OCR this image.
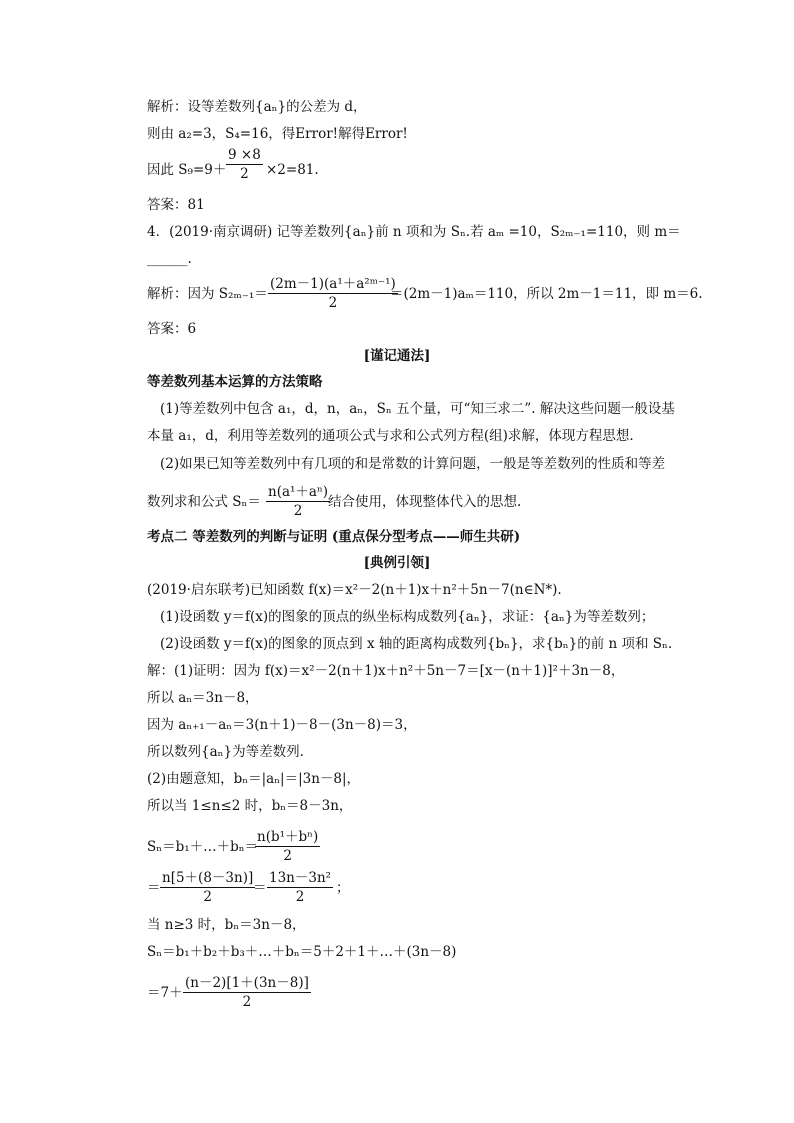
解析：设等差数列{aₙ}的公差为 d，
则由 a₂=3，S₄=16，得Error!解得Error!
因此 $S_9=9+ \frac{9 \times 8}{2} \times 2=81$.
答案：81
4．(2019·南京调研) 记等差数列{aₙ}前 n 项和为 Sₙ.若 aₘ =10，S₂ₘ₋₁=110，则 m＝
______.
解析：因为 $S_{2m-1}= \frac{\text{(2m－1)(a¹＋a²ᵐ⁻¹)}}{2}$
＝(2m－1)aₘ＝110，所以 2m－1＝11，即 m＝6.
答案：6
[谨记通法]
等差数列基本运算的方法策略
(1)等差数列中包含 a₁，d，n，aₙ，Sₙ 五个量，可“知三求二”. 解决这些问题一般设基
本量 a₁，d，利用等差数列的通项公式与求和公式列方程(组)求解，体现方程思想.
(2)如果已知等差数列中有几项的和是常数的计算问题，一般是等差数列的性质和等差
数列求和公式 $S_n= \frac{\text{n(a¹＋aⁿ)}}{2}$
结合使用，体现整体代入的思想.
考点二 等差数列的判断与证明 (重点保分型考点——师生共研)
[典例引领]
(2019·启东联考)已知函数 f(x)＝x²－2(n＋1)x＋n²＋5n－7(n∈N*).
(1)设函数 y＝f(x)的图象的顶点的纵坐标构成数列{aₙ}，求证：{aₙ}为等差数列；
(2)设函数 y＝f(x)的图象的顶点到 x 轴的距离构成数列{bₙ}，求{bₙ}的前 n 项和 Sₙ.
解：(1)证明：因为 f(x)＝x²－2(n＋1)x＋n²＋5n－7＝[x－(n＋1)]²＋3n－8，
所以 aₙ＝3n－8，
因为 aₙ₊₁－aₙ＝3(n＋1)－8－(3n－8)＝3，
所以数列{aₙ}为等差数列.
(2)由题意知，bₙ＝|aₙ|＝|3n－8|，
所以当 1≤n≤2 时，bₙ＝8－3n，
Sₙ＝b₁＋…＋bₙ＝
$\frac{\text{n(b¹＋bⁿ)}}{2}$
＝ $\frac{n[5+(8-3n)]}{2}$
＝ $\frac{\text{13n－3n²}}{2}$ ；
当 n≥3 时，bₙ＝3n－8，
Sₙ＝b₁＋b₂＋b₃＋…＋bₙ＝5＋2＋1＋…＋(3n－8)
$=7+ \frac{(n-2)[1+(3n-8)]}{2}$
